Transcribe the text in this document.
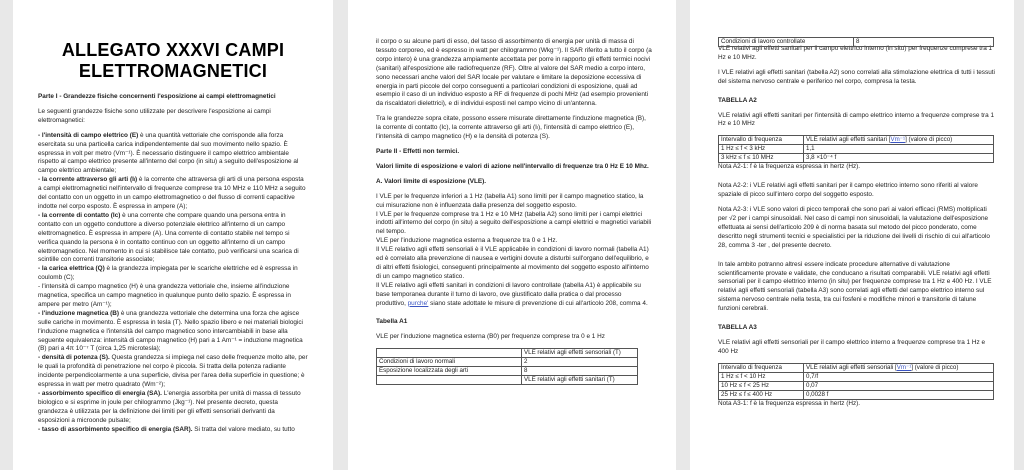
ALLEGATO XXXVI CAMPI ELETTROMAGNETICI

Parte I - Grandezze fisiche concernenti l'esposizione ai campi elettromagnetici

Le seguenti grandezze fisiche sono utilizzate per descrivere l'esposizione ai campi elettromagnetici:

- l'intensità di campo elettrico (E) è una quantità vettoriale che corrisponde alla forza esercitata su una particella carica indipendentemente dal suo movimento nello spazio. È espressa in volt per metro (Vm⁻¹). È necessario distinguere il campo elettrico ambientale rispetto al campo elettrico presente all'interno del corpo (in situ) a seguito dell'esposizione al campo elettrico ambientale;

- la corrente attraverso gli arti (Iₗ) è la corrente che attraversa gli arti di una persona esposta a campi elettromagnetici nell'intervallo di frequenze comprese tra 10 MHz e 110 MHz a seguito del contatto con un oggetto in un campo elettromagnetico o del flusso di correnti capacitive indotte nel corpo esposto. È espressa in ampere (A);

- la corrente di contatto (Iᴄ) è una corrente che compare quando una persona entra in contatto con un oggetto conduttore a diverso potenziale elettrico all'interno di un campo elettromagnetico. È espressa in ampere (A). Una corrente di contatto stabile nel tempo si verifica quando la persona è in contatto continuo con un oggetto all'interno di un campo elettromagnetico. Nel momento in cui si stabilisce tale contatto, può verificarsi una scarica di scintille con correnti transitorie associate;

- la carica elettrica (Q) è la grandezza impiegata per le scariche elettriche ed è espressa in coulomb (C);

- l'intensità di campo magnetico (H) è una grandezza vettoriale che, insieme all'induzione magnetica, specifica un campo magnetico in qualunque punto dello spazio. È espressa in ampere per metro (Am⁻¹);

- l'induzione magnetica (B) è una grandezza vettoriale che determina una forza che agisce sulle cariche in movimento. È espressa in tesla (T). Nello spazio libero e nei materiali biologici l'induzione magnetica e l'intensità del campo magnetico sono intercambiabili in base alla seguente equivalenza: intensità di campo magnetico (H) pari a 1 Am⁻¹ = induzione magnetica (B) pari a 4π 10⁻⁷ T (circa 1,25 microtesla);

- densità di potenza (S). Questa grandezza si impiega nel caso delle frequenze molto alte, per le quali la profondità di penetrazione nel corpo è piccola. Si tratta della potenza radiante incidente perpendicolarmente a una superficie, divisa per l'area della superficie in questione; è espressa in watt per metro quadrato (Wm⁻²);

- assorbimento specifico di energia (SA). L'energia assorbita per unità di massa di tessuto biologico e si esprime in joule per chilogrammo (Jkg⁻¹). Nel presente decreto, questa grandezza è utilizzata per la definizione dei limiti per gli effetti sensoriali derivanti da esposizioni a microonde pulsate;

- tasso di assorbimento specifico di energia (SAR). Si tratta del valore mediato, su tutto

il corpo o su alcune parti di esso, del tasso di assorbimento di energia per unità di massa di tessuto corporeo, ed è espresso in watt per chilogrammo (Wkg⁻¹). Il SAR riferito a tutto il corpo (a corpo intero) è una grandezza ampiamente accettata per porre in rapporto gli effetti termici nocivi (sanitari) all'esposizione alle radiofrequenze (RF). Oltre al valore del SAR medio a corpo intero, sono necessari anche valori del SAR locale per valutare e limitare la deposizione eccessiva di energia in parti piccole del corpo conseguenti a particolari condizioni di esposizione, quali ad esempio il caso di un individuo esposto a RF di frequenze di pochi MHz (ad esempio provenienti da riscaldatori dielettrici), e di individui esposti nel campo vicino di un'antenna.

Tra le grandezze sopra citate, possono essere misurate direttamente l'induzione magnetica (B), la corrente di contatto (Iᴄ), la corrente attraverso gli arti (Iₗ), l'intensità di campo elettrico (E), l'intensità di campo magnetico (H) e la densità di potenza (S).

Parte II - Effetti non termici.

Valori limite di esposizione e valori di azione nell'intervallo di frequenze tra 0 Hz E 10 Mhz.

A. Valori limite di esposizione (VLE).

I VLE per le frequenze inferiori a 1 Hz (tabella A1) sono limiti per il campo magnetico statico, la cui misurazione non è influenzata dalla presenza del soggetto esposto.

I VLE per le frequenze comprese tra 1 Hz e 10 MHz (tabella A2) sono limiti per i campi elettrici indotti all'interno del corpo (in situ) a seguito dell'esposizione a campi elettrici e magnetici variabili nel tempo.

VLE per l'induzione magnetica esterna a frequenze tra 0 e 1 Hz.

Il VLE relativo agli effetti sensoriali è il VLE applicabile in condizioni di lavoro normali (tabella A1) ed è correlato alla prevenzione di nausea e vertigini dovute a disturbi sull'organo dell'equilibrio, e di altri effetti fisiologici, conseguenti principalmente al movimento del soggetto esposto all'interno di un campo magnetico statico.

Il VLE relativo agli effetti sanitari in condizioni di lavoro controllate (tabella A1) è applicabile su base temporanea durante il turno di lavoro, ove giustificato dalla pratica o dal processo produttivo, purche' siano state adottate le misure di prevenzione di cui all'articolo 208, comma 4.

Tabella A1

VLE per l'induzione magnetica esterna (B0) per frequenze comprese tra 0 e 1 Hz

	VLE relativi agli effetti sensoriali (T)
Condizioni di lavoro normali	2
Esposizione localizzata degli arti	8
	VLE relativi agli effetti sanitari (T)
Condizioni di lavoro controllate	8

VLE relativi agli effetti sanitari per il campo elettrico interno (in situ) per frequenze comprese tra 1 Hz e 10 MHz.

I VLE relativi agli effetti sanitari (tabella A2) sono correlati alla stimolazione elettrica di tutti i tessuti del sistema nervoso centrale e periferico nel corpo, compresa la testa.

TABELLA A2

VLE relativi agli effetti sanitari per l'intensità di campo elettrico interno a frequenze comprese tra 1 Hz e 10 MHz

Intervallo di frequenza	VLE relativi agli effetti sanitari [Vm⁻¹] (valore di picco)
1 Hz ≤ f < 3 kHz	1,1
3 kHz ≤ f ≤ 10 MHz	3,8 ×10⁻⁴ f

Nota A2-1: f è la frequenza espressa in hertz (Hz).

Nota A2-2: i VLE relativi agli effetti sanitari per il campo elettrico interno sono riferiti al valore spaziale di picco sull'intero corpo del soggetto esposto.

Nota A2-3: i VLE sono valori di picco temporali che sono pari ai valori efficaci (RMS) moltiplicati per √2 per i campi sinusoidali. Nel caso di campi non sinusoidali, la valutazione dell'esposizione effettuata ai sensi dell'articolo 209 è di norma basata sul metodo del picco ponderato, come descritto negli strumenti tecnici e specialistici per la riduzione dei livelli di rischio di cui all'articolo 28, comma 3 -ter , del presente decreto.

In tale ambito potranno altresì essere indicate procedure alternative di valutazione scientificamente provate e validate, che conducano a risultati comparabili. VLE relativi agli effetti sensoriali per il campo elettrico interno (in situ) per frequenze comprese tra 1 Hz e 400 Hz. I VLE relativi agli effetti sensoriali (tabella A3) sono correlati agli effetti del campo elettrico interno sul sistema nervoso centrale nella testa, tra cui fosfeni e modifiche minori e transitorie di talune funzioni cerebrali.

TABELLA A3

VLE relativi agli effetti sensoriali per il campo elettrico interno a frequenze comprese tra 1 Hz e 400 Hz

Intervallo di frequenza	VLE relativi agli effetti sensoriali [Vm⁻¹] (valore di picco)
1 Hz ≤ f < 10 Hz	0,7/f
10 Hz ≤ f < 25 Hz	0,07
25 Hz ≤ f ≤ 400 Hz	0,0028 f

Nota A3-1: f è la frequenza espressa in hertz (Hz).
